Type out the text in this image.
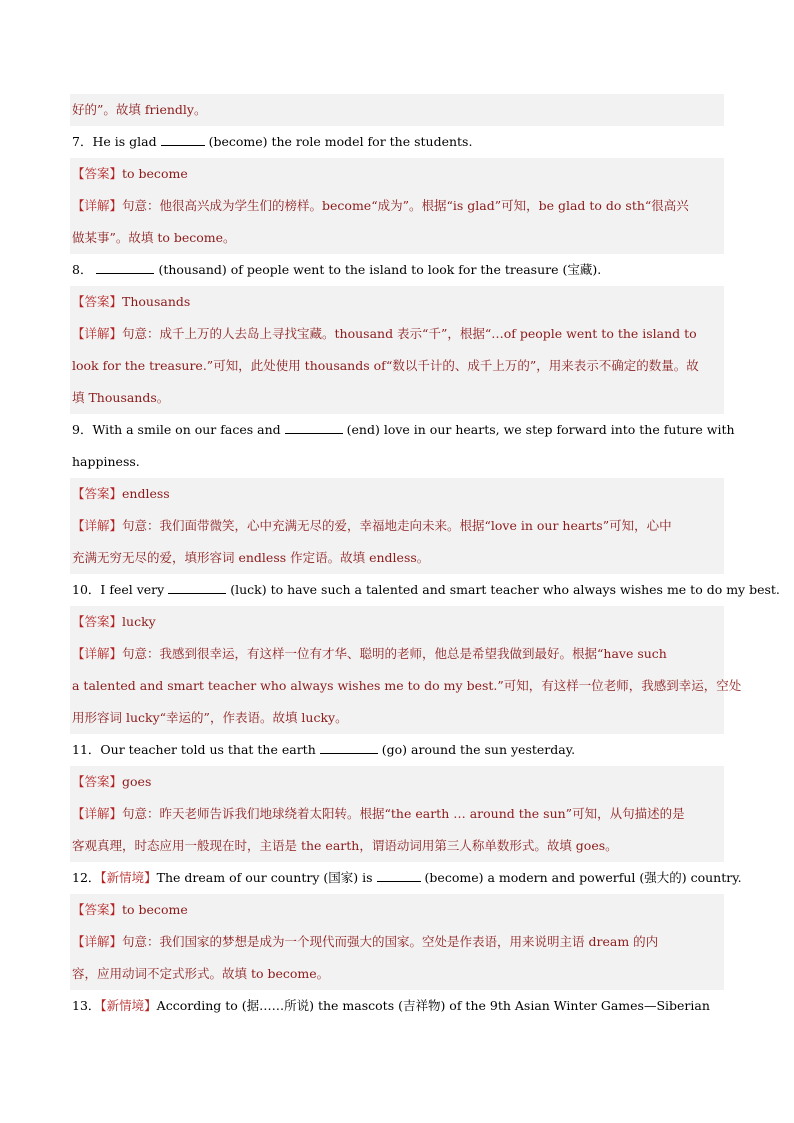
好的”。故填 friendly。
7．He is glad	(become) the role model for the students.
【答案】to become
【详解】句意：他很高兴成为学生们的榜样。become“成为”。根据“is glad”可知，be glad to do sth“很高兴
做某事”。故填 to become。
8．	(thousand) of people went to the island to look for the treasure (宝藏).
【答案】Thousands
【详解】句意：成千上万的人去岛上寻找宝藏。thousand 表示“千”，根据“…of people went to the island to
look for the treasure.”可知，此处使用 thousands of“数以千计的、成千上万的”，用来表示不确定的数量。故
填 Thousands。
9．With a smile on our faces and	(end) love in our hearts, we step forward into the future with
happiness.
【答案】endless
【详解】句意：我们面带微笑，心中充满无尽的爱，幸福地走向未来。根据“love in our hearts”可知，心中
充满无穷无尽的爱，填形容词 endless 作定语。故填 endless。
10．I feel very	(luck) to have such a talented and smart teacher who always wishes me to do my best.
【答案】lucky
【详解】句意：我感到很幸运，有这样一位有才华、聪明的老师，他总是希望我做到最好。根据“have such
a talented and smart teacher who always wishes me to do my best.”可知，有这样一位老师，我感到幸运，空处
用形容词 lucky“幸运的”，作表语。故填 lucky。
11．Our teacher told us that the earth	(go) around the sun yesterday.
【答案】goes
【详解】句意：昨天老师告诉我们地球绕着太阳转。根据“the earth … around the sun”可知，从句描述的是
客观真理，时态应用一般现在时，主语是 the earth，谓语动词用第三人称单数形式。故填 goes。
12．【新情境】The dream of our country (国家) is	(become) a modern and powerful (强大的) country.
【答案】to become
【详解】句意：我们国家的梦想是成为一个现代而强大的国家。空处是作表语，用来说明主语 dream 的内
容，应用动词不定式形式。故填 to become。
13．【新情境】According to (据……所说) the mascots (吉祥物) of the 9th Asian Winter Games—Siberian
